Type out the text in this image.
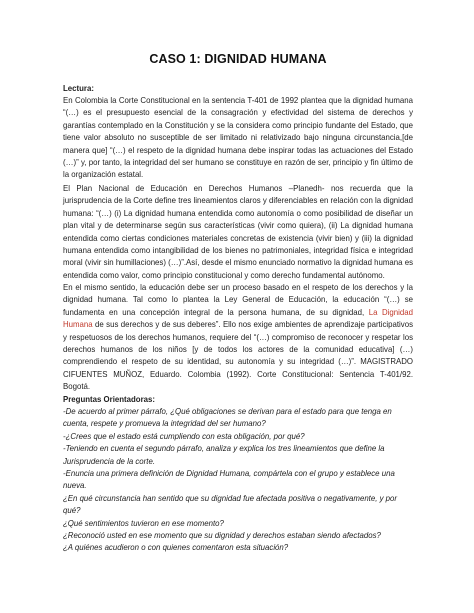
CASO 1: DIGNIDAD HUMANA
Lectura:
En Colombia la Corte Constitucional en la sentencia T-401 de 1992 plantea que la dignidad humana “(…) es el presupuesto esencial de la consagración y efectividad del sistema de derechos y garantías contemplado en la Constitución y se la considera como principio fundante del Estado, que tiene valor absoluto no susceptible de ser limitado ni relativizado bajo ninguna circunstancia,[de manera que] “(…) el respeto de la dignidad humana debe inspirar todas las actuaciones del Estado (…)” y, por tanto, la integridad del ser humano se constituye en razón de ser, principio y fin último de la organización estatal.
El Plan Nacional de Educación en Derechos Humanos –Planedh- nos recuerda que la jurisprudencia de la Corte define tres lineamientos claros y diferenciables en relación con la dignidad humana: “(…) (i) La dignidad humana entendida como autonomía o como posibilidad de diseñar un plan vital y de determinarse según sus características (vivir como quiera), (ii) La dignidad humana entendida como ciertas condiciones materiales concretas de existencia (vivir bien) y (iii) la dignidad humana entendida como intangibilidad de los bienes no patrimoniales, integridad física e integridad moral (vivir sin humillaciones) (…)”.Así, desde el mismo enunciado normativo la dignidad humana es entendida como valor, como principio constitucional y como derecho fundamental autónomo.
En el mismo sentido, la educación debe ser un proceso basado en el respeto de los derechos y la dignidad humana. Tal como lo plantea la Ley General de Educación, la educación “(…) se fundamenta en una concepción integral de la persona humana, de su dignidad, La Dignidad Humana de sus derechos y de sus deberes”. Ello nos exige ambientes de aprendizaje participativos y respetuosos de los derechos humanos, requiere del “(…) compromiso de reconocer y respetar los derechos humanos de los niños [y de todos los actores de la comunidad educativa] (…) comprendiendo el respeto de su identidad, su autonomía y su integridad (…)”. MAGISTRADO CIFUENTES MUÑOZ, Eduardo. Colombia (1992). Corte Constitucional: Sentencia T-401/92. Bogotá.
Preguntas Orientadoras:
-De acuerdo al primer párrafo, ¿Qué obligaciones se derivan para el estado para que tenga en cuenta, respete y promueva la integridad del ser humano?
-¿Crees que el estado está cumpliendo con esta obligación, por qué?
-Teniendo en cuenta el segundo párrafo, analiza y explica los tres lineamientos que define la Jurisprudencia de la corte.
-Enuncia una primera definición de Dignidad Humana, compártela con el grupo y establece una nueva.
¿En qué circunstancia han sentido que su dignidad fue afectada positiva o negativamente, y por qué?
¿Qué sentimientos tuvieron en ese momento?
¿Reconoció usted en ese momento que su dignidad y derechos estaban siendo afectados?
¿A quiénes acudieron o con quienes comentaron esta situación?
